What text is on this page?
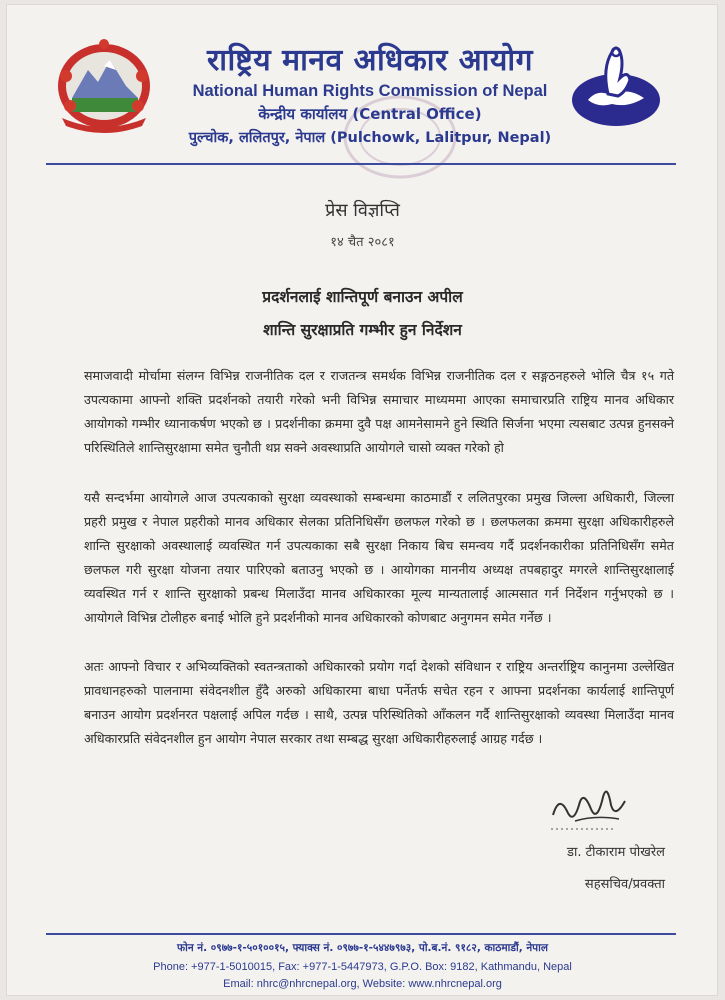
राष्ट्रिय मानव अधिकार आयोग
National Human Rights Commission of Nepal
केन्द्रीय कार्यालय (Central Office)
पुल्चोक, ललितपुर, नेपाल (Pulchowk, Lalitpur, Nepal)
प्रेस विज्ञप्ति
१४ चैत २०८१
प्रदर्शनलाई शान्तिपूर्ण बनाउन अपील
शान्ति सुरक्षाप्रति गम्भीर हुन निर्देशन

समाजवादी मोर्चामा संलग्न विभिन्न राजनीतिक दल र राजतन्त्र समर्थक विभिन्न राजनीतिक दल र सङ्गठनहरुले भोलि चैत्र १५ गते उपत्यकामा आफ्नो शक्ति प्रदर्शनको तयारी गरेको भनी विभिन्न समाचार माध्यममा आएका समाचारप्रति राष्ट्रिय मानव अधिकार आयोगको गम्भीर ध्यानाकर्षण भएको छ । प्रदर्शनीका क्रममा दुवै पक्ष आमनेसामने हुने स्थिति सिर्जना भएमा त्यसबाट उत्पन्न हुनसक्ने परिस्थितिले शान्तिसुरक्षामा समेत चुनौती थप्न सक्ने अवस्थाप्रति आयोगले चासो व्यक्त गरेको हो

यसै सन्दर्भमा आयोगले आज उपत्यकाको सुरक्षा व्यवस्थाको सम्बन्धमा काठमाडौं र ललितपुरका प्रमुख जिल्ला अधिकारी, जिल्ला प्रहरी प्रमुख र नेपाल प्रहरीको मानव अधिकार सेलका प्रतिनिधिसँग छलफल गरेको छ । छलफलका क्रममा सुरक्षा अधिकारीहरुले शान्ति सुरक्षाको अवस्थालाई व्यवस्थित गर्न उपत्यकाका सबै सुरक्षा निकाय बिच समन्वय गर्दै प्रदर्शनकारीका प्रतिनिधिसँग समेत छलफल गरी सुरक्षा योजना तयार पारिएको बताउनु भएको छ । आयोगका माननीय अध्यक्ष तपबहादुर मगरले शान्तिसुरक्षालाई व्यवस्थित गर्न र शान्ति सुरक्षाको प्रबन्ध मिलाउँदा मानव अधिकारका मूल्य मान्यतालाई आत्मसात गर्न निर्देशन गर्नुभएको छ । आयोगले विभिन्न टोलीहरु बनाई भोलि हुने प्रदर्शनीको मानव अधिकारको कोणबाट अनुगमन समेत गर्नेछ ।

अतः आफ्नो विचार र अभिव्यक्तिको स्वतन्त्रताको अधिकारको प्रयोग गर्दा देशको संविधान र राष्ट्रिय अन्तर्राष्ट्रिय कानुनमा उल्लेखित प्रावधानहरुको पालनामा संवेदनशील हुँदै अरुको अधिकारमा बाधा पर्नेतर्फ सचेत रहन र आफ्ना प्रदर्शनका कार्यलाई शान्तिपूर्ण बनाउन आयोग प्रदर्शनरत पक्षलाई अपिल गर्दछ । साथै, उत्पन्न परिस्थितिको आँकलन गर्दै शान्तिसुरक्षाको व्यवस्था मिलाउँदा मानव अधिकारप्रति संवेदनशील हुन आयोग नेपाल सरकार तथा सम्बद्ध सुरक्षा अधिकारीहरुलाई आग्रह गर्दछ ।

डा. टीकाराम पोखरेल
सहसचिव/प्रवक्ता
फोन नं. ०९७७-१-५०१००१५, फ्याक्स नं. ०९७७-१-५४४७९७३, पो.ब.नं. ९१८२, काठमाडौं, नेपाल
Phone: +977-1-5010015, Fax: +977-1-5447973, G.P.O. Box: 9182, Kathmandu, Nepal
Email: nhrc@nhrcnepal.org, Website: www.nhrcnepal.org
